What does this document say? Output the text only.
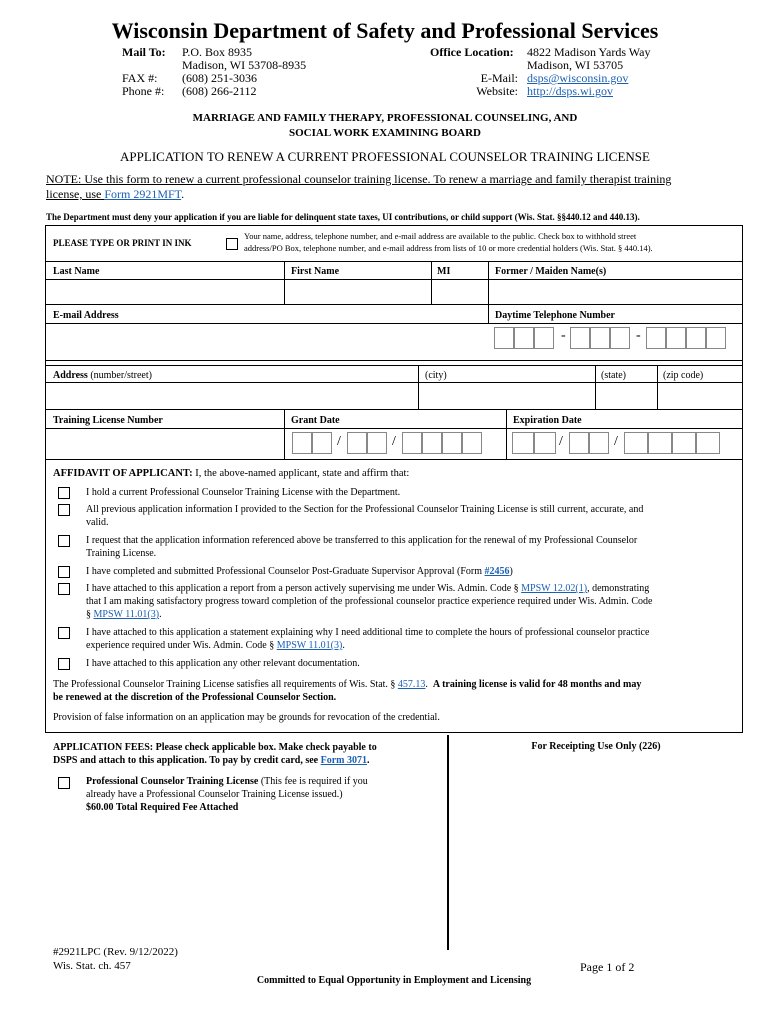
Wisconsin Department of Safety and Professional Services
Mail To: P.O. Box 8935
Madison, WI 53708-8935
FAX #: (608) 251-3036
Phone #: (608) 266-2112
Office Location: 4822 Madison Yards Way
Madison, WI 53705
E-Mail: dsps@wisconsin.gov
Website: http://dsps.wi.gov
MARRIAGE AND FAMILY THERAPY, PROFESSIONAL COUNSELING, AND
SOCIAL WORK EXAMINING BOARD
APPLICATION TO RENEW A CURRENT PROFESSIONAL COUNSELOR TRAINING LICENSE
NOTE: Use this form to renew a current professional counselor training license. To renew a marriage and family therapist training
license, use Form 2921MFT.
The Department must deny your application if you are liable for delinquent state taxes, UI contributions, or child support (Wis. Stat. §§440.12 and 440.13).
PLEASE TYPE OR PRINT IN INK
Your name, address, telephone number, and e-mail address are available to the public. Check box to withhold street
address/PO Box, telephone number, and e-mail address from lists of 10 or more credential holders (Wis. Stat. § 440.14).
Last Name	First Name	MI	Former / Maiden Name(s)
E-mail Address	Daytime Telephone Number
-	-
Address (number/street)	(city)	(state)	(zip code)
Training License Number	Grant Date	Expiration Date
/	/	/	/
AFFIDAVIT OF APPLICANT: I, the above-named applicant, state and affirm that:
I hold a current Professional Counselor Training License with the Department.
All previous application information I provided to the Section for the Professional Counselor Training License is still current, accurate, and
valid.
I request that the application information referenced above be transferred to this application for the renewal of my Professional Counselor
Training License.
I have completed and submitted Professional Counselor Post-Graduate Supervisor Approval (Form #2456)
I have attached to this application a report from a person actively supervising me under Wis. Admin. Code § MPSW 12.02(1), demonstrating
that I am making satisfactory progress toward completion of the professional counselor practice experience required under Wis. Admin. Code
§ MPSW 11.01(3).
I have attached to this application a statement explaining why I need additional time to complete the hours of professional counselor practice
experience required under Wis. Admin. Code § MPSW 11.01(3).
I have attached to this application any other relevant documentation.
The Professional Counselor Training License satisfies all requirements of Wis. Stat. § 457.13. A training license is valid for 48 months and may
be renewed at the discretion of the Professional Counselor Section.
Provision of false information on an application may be grounds for revocation of the credential.
APPLICATION FEES: Please check applicable box. Make check payable to
DSPS and attach to this application. To pay by credit card, see Form 3071.
For Receipting Use Only (226)
Professional Counselor Training License (This fee is required if you
already have a Professional Counselor Training License issued.)
$60.00 Total Required Fee Attached
#2921LPC (Rev. 9/12/2022)
Wis. Stat. ch. 457	Page 1 of 2
Committed to Equal Opportunity in Employment and Licensing
